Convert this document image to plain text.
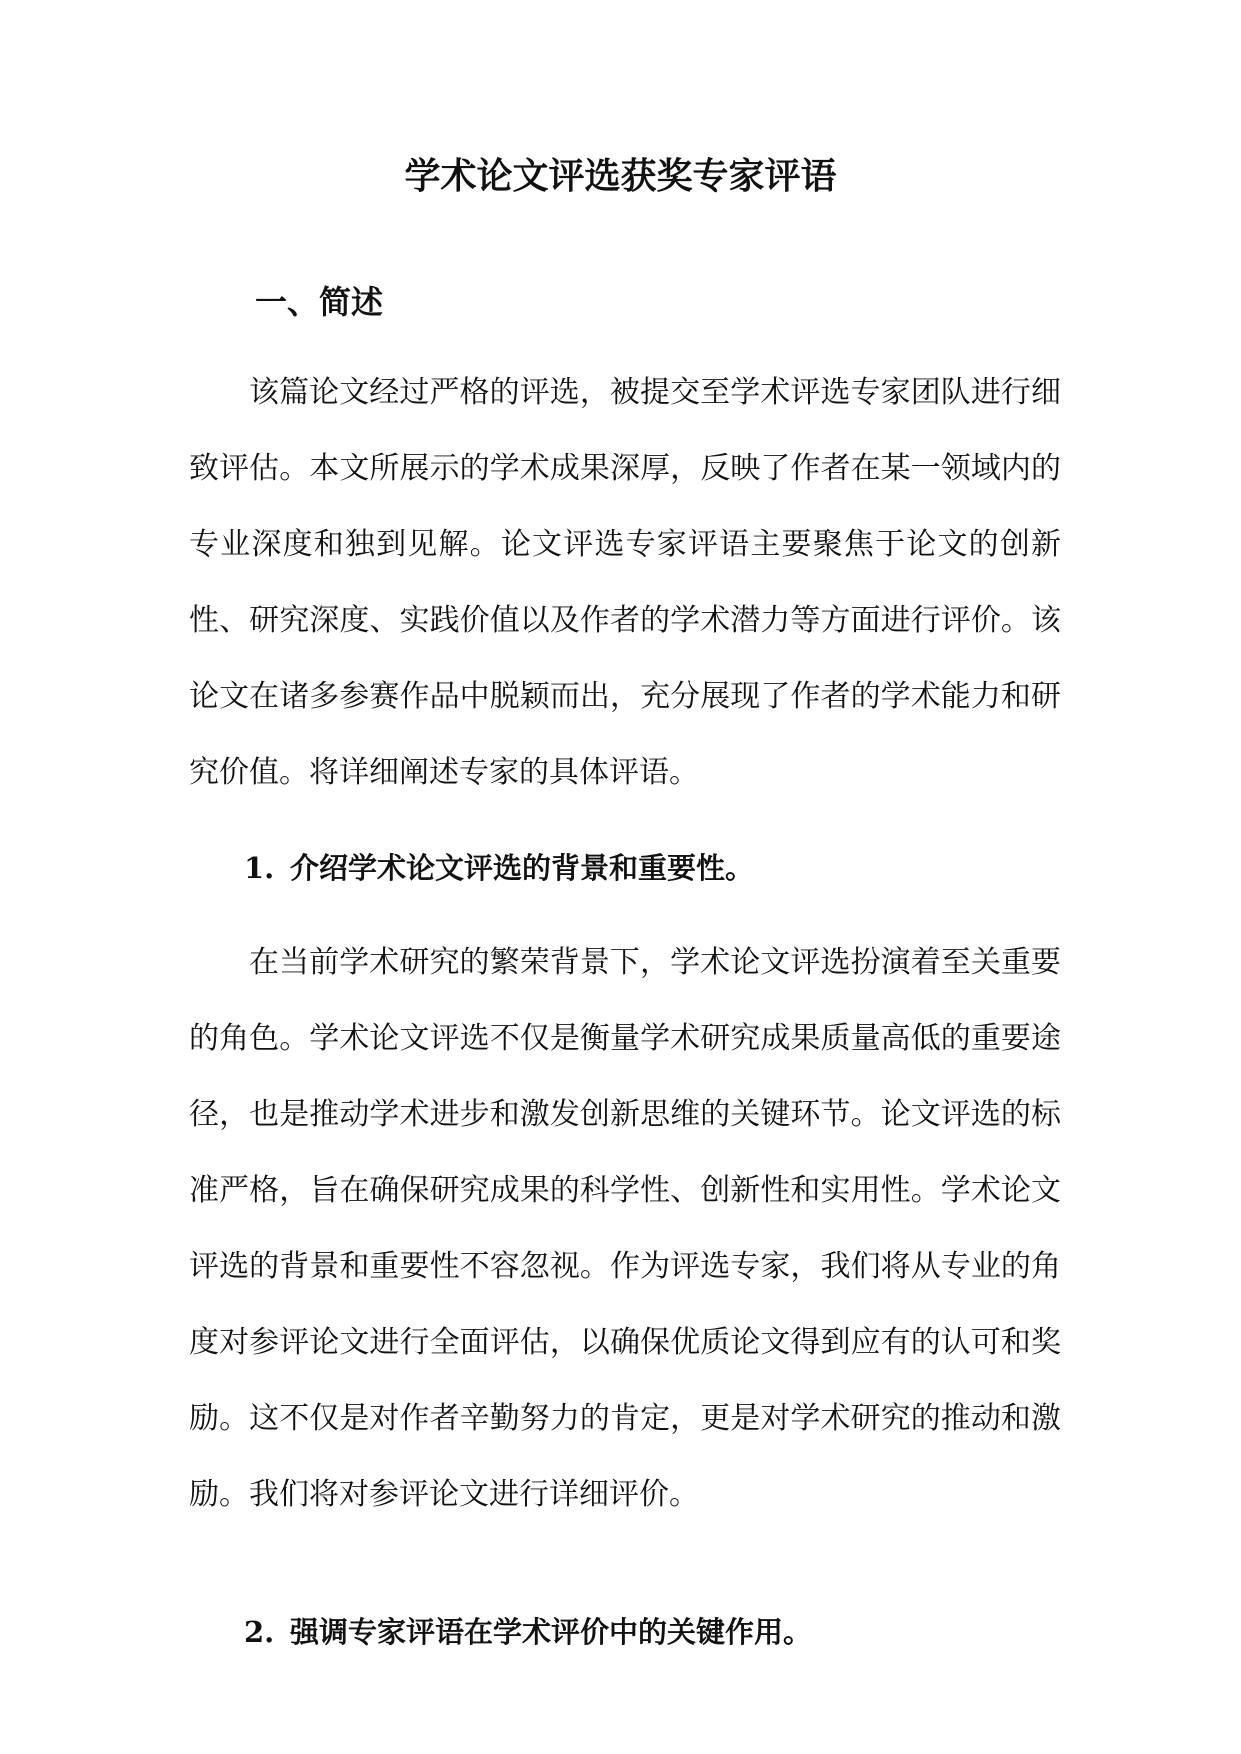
学术论文评选获奖专家评语
一、简述

该篇论文经过严格的评选，被提交至学术评选专家团队进行细致评估。本文所展示的学术成果深厚，反映了作者在某一领域内的专业深度和独到见解。论文评选专家评语主要聚焦于论文的创新性、研究深度、实践价值以及作者的学术潜力等方面进行评价。该论文在诸多参赛作品中脱颖而出，充分展现了作者的学术能力和研究价值。将详细阐述专家的具体评语。

1. 介绍学术论文评选的背景和重要性。

在当前学术研究的繁荣背景下，学术论文评选扮演着至关重要的角色。学术论文评选不仅是衡量学术研究成果质量高低的重要途径，也是推动学术进步和激发创新思维的关键环节。论文评选的标准严格，旨在确保研究成果的科学性、创新性和实用性。学术论文评选的背景和重要性不容忽视。作为评选专家，我们将从专业的角度对参评论文进行全面评估，以确保优质论文得到应有的认可和奖励。这不仅是对作者辛勤努力的肯定，更是对学术研究的推动和激励。我们将对参评论文进行详细评价。

2. 强调专家评语在学术评价中的关键作用。
